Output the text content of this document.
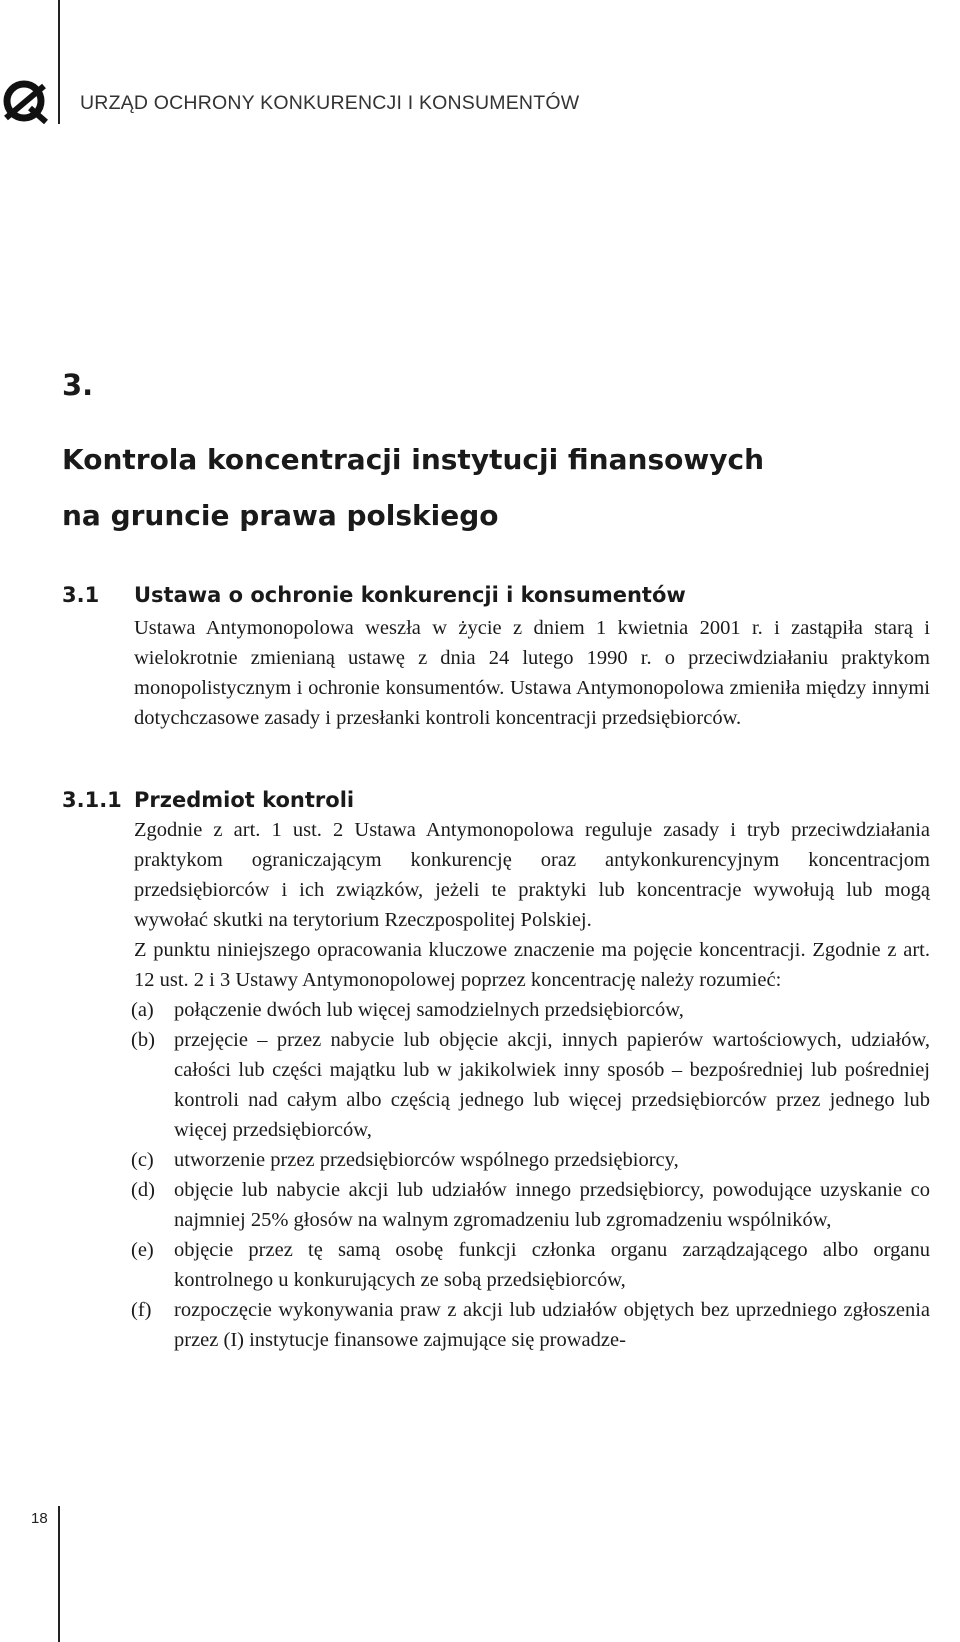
URZĄD OCHRONY KONKURENCJI I KONSUMENTÓW
3.
Kontrola koncentracji instytucji finansowych
na gruncie prawa polskiego
3.1 Ustawa o ochronie konkurencji i konsumentów

Ustawa Antymonopolowa weszła w życie z dniem 1 kwietnia 2001 r. i zastąpiła starą i wielokrotnie zmienianą ustawę z dnia 24 lutego 1990 r. o przeciwdziałaniu praktykom monopolistycznym i ochronie konsumentów. Ustawa Antymonopolowa zmieniła między innymi dotychczasowe zasady i przesłanki kontroli koncentracji przedsiębiorców.

3.1.1 Przedmiot kontroli

Zgodnie z art. 1 ust. 2 Ustawa Antymonopolowa reguluje zasady i tryb przeciwdziałania praktykom ograniczającym konkurencję oraz antykonkurencyjnym koncentracjom przedsiębiorców i ich związków, jeżeli te praktyki lub koncentracje wywołują lub mogą wywołać skutki na terytorium Rzeczpospolitej Polskiej.

Z punktu niniejszego opracowania kluczowe znaczenie ma pojęcie koncentracji. Zgodnie z art. 12 ust. 2 i 3 Ustawy Antymonopolowej poprzez koncentrację należy rozumieć:

(a) połączenie dwóch lub więcej samodzielnych przedsiębiorców,
(b) przejęcie – przez nabycie lub objęcie akcji, innych papierów wartościowych, udziałów, całości lub części majątku lub w jakikolwiek inny sposób – bezpośredniej lub pośredniej kontroli nad całym albo częścią jednego lub więcej przedsiębiorców przez jednego lub więcej przedsiębiorców,
(c) utworzenie przez przedsiębiorców wspólnego przedsiębiorcy,
(d) objęcie lub nabycie akcji lub udziałów innego przedsiębiorcy, powodujące uzyskanie co najmniej 25% głosów na walnym zgromadzeniu lub zgromadzeniu wspólników,
(e) objęcie przez tę samą osobę funkcji członka organu zarządzającego albo organu kontrolnego u konkurujących ze sobą przedsiębiorców,
(f) rozpoczęcie wykonywania praw z akcji lub udziałów objętych bez uprzedniego zgłoszenia przez (I) instytucje finansowe zajmujące się prowadze-
18
